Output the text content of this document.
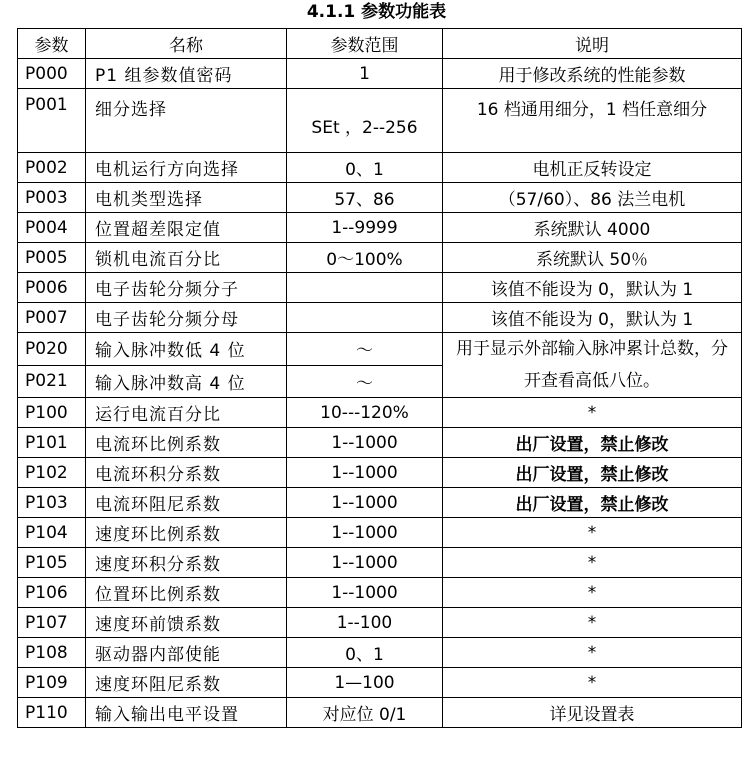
4.1.1 参数功能表
参数	名称	参数范围	说明
P000	P1 组参数值密码	1	用于修改系统的性能参数
P001	细分选择	SEt ，2--256	16 档通用细分，1 档任意细分
P002	电机运行方向选择	0、1	电机正反转设定
P003	电机类型选择	57、86	（57/60）、86 法兰电机
P004	位置超差限定值	1--9999	系统默认 4000
P005	锁机电流百分比	0～100%	系统默认 50％
P006	电子齿轮分频分子		该值不能设为 0，默认为 1
P007	电子齿轮分频分母		该值不能设为 0，默认为 1
P020	输入脉冲数低 4 位	～	用于显示外部输入脉冲累计总数，分开查看高低八位。
P021	输入脉冲数高 4 位	～	
P100	运行电流百分比	10---120%	*
P101	电流环比例系数	1--1000	出厂设置，禁止修改
P102	电流环积分系数	1--1000	出厂设置，禁止修改
P103	电流环阻尼系数	1--1000	出厂设置，禁止修改
P104	速度环比例系数	1--1000	*
P105	速度环积分系数	1--1000	*
P106	位置环比例系数	1--1000	*
P107	速度环前馈系数	1--100	*
P108	驱动器内部使能	0、1	*
P109	速度环阻尼系数	1—100	*
P110	输入输出电平设置	对应位 0/1	详见设置表
